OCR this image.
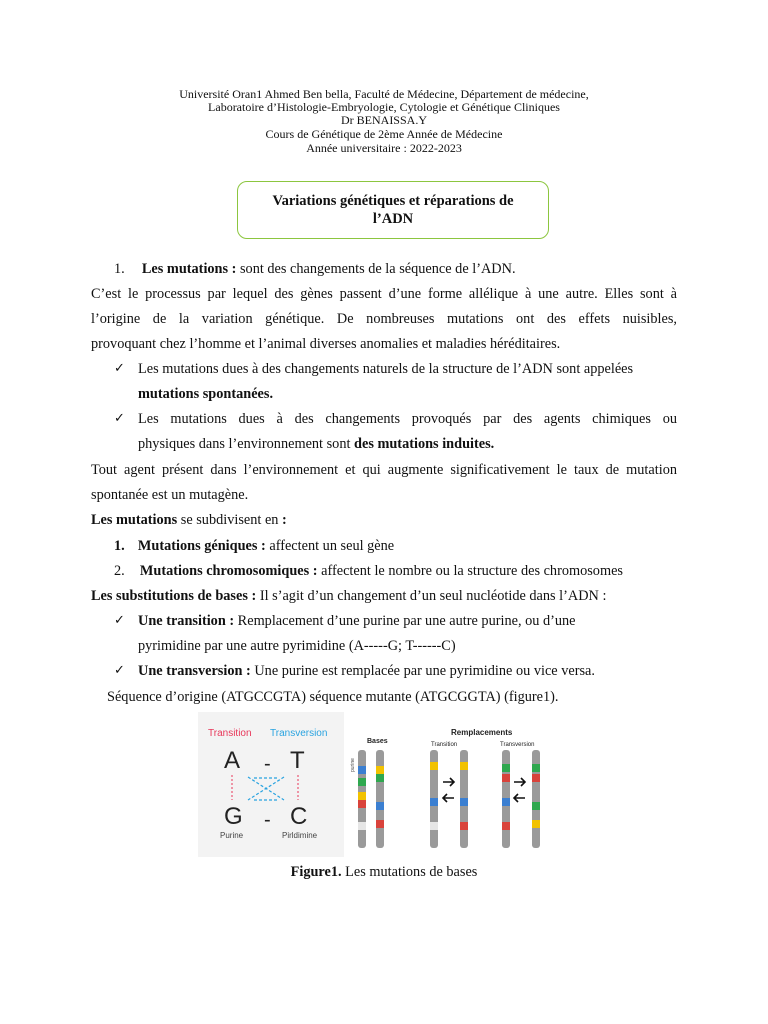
Université Oran1 Ahmed Ben bella, Faculté de Médecine, Département de médecine,
Laboratoire d’Histologie-Embryologie, Cytologie et Génétique Cliniques
Dr BENAISSA.Y
Cours de Génétique de 2ème Année de Médecine
Année universitaire : 2022-2023
Variations génétiques et réparations de
l’ADN
1. Les mutations : sont des changements de la séquence de l’ADN.
C’est le processus par lequel des gènes passent d’une forme allélique à une autre. Elles sont à
l’origine de la variation génétique. De nombreuses mutations ont des effets nuisibles,
provoquant chez l’homme et l’animal diverses anomalies et maladies héréditaires.
✓ Les mutations dues à des changements naturels de la structure de l’ADN sont appelées
mutations spontanées.
✓ Les mutations dues à des changements provoqués par des agents chimiques ou
physiques dans l’environnement sont des mutations induites.
Tout agent présent dans l’environnement et qui augmente significativement le taux de mutation
spontanée est un mutagène.
Les mutations se subdivisent en :
1. Mutations géniques : affectent un seul gène
2. Mutations chromosomiques : affectent le nombre ou la structure des chromosomes
Les substitutions de bases : Il s’agit d’un changement d’un seul nucléotide dans l’ADN :
✓ Une transition : Remplacement d’une purine par une autre purine, ou d’une
pyrimidine par une autre pyrimidine (A-----G; T------C)
✓ Une transversion : Une purine est remplacée par une pyrimidine ou vice versa.
Séquence d’origine (ATGCCGTA) séquence mutante (ATGCGGTA) (figure1).
Transition Transversion
A - T
G - C
Purine	Pirldimine
Bases
Remplacements
Transition	Transversion
purine
Figure1. Les mutations de bases
